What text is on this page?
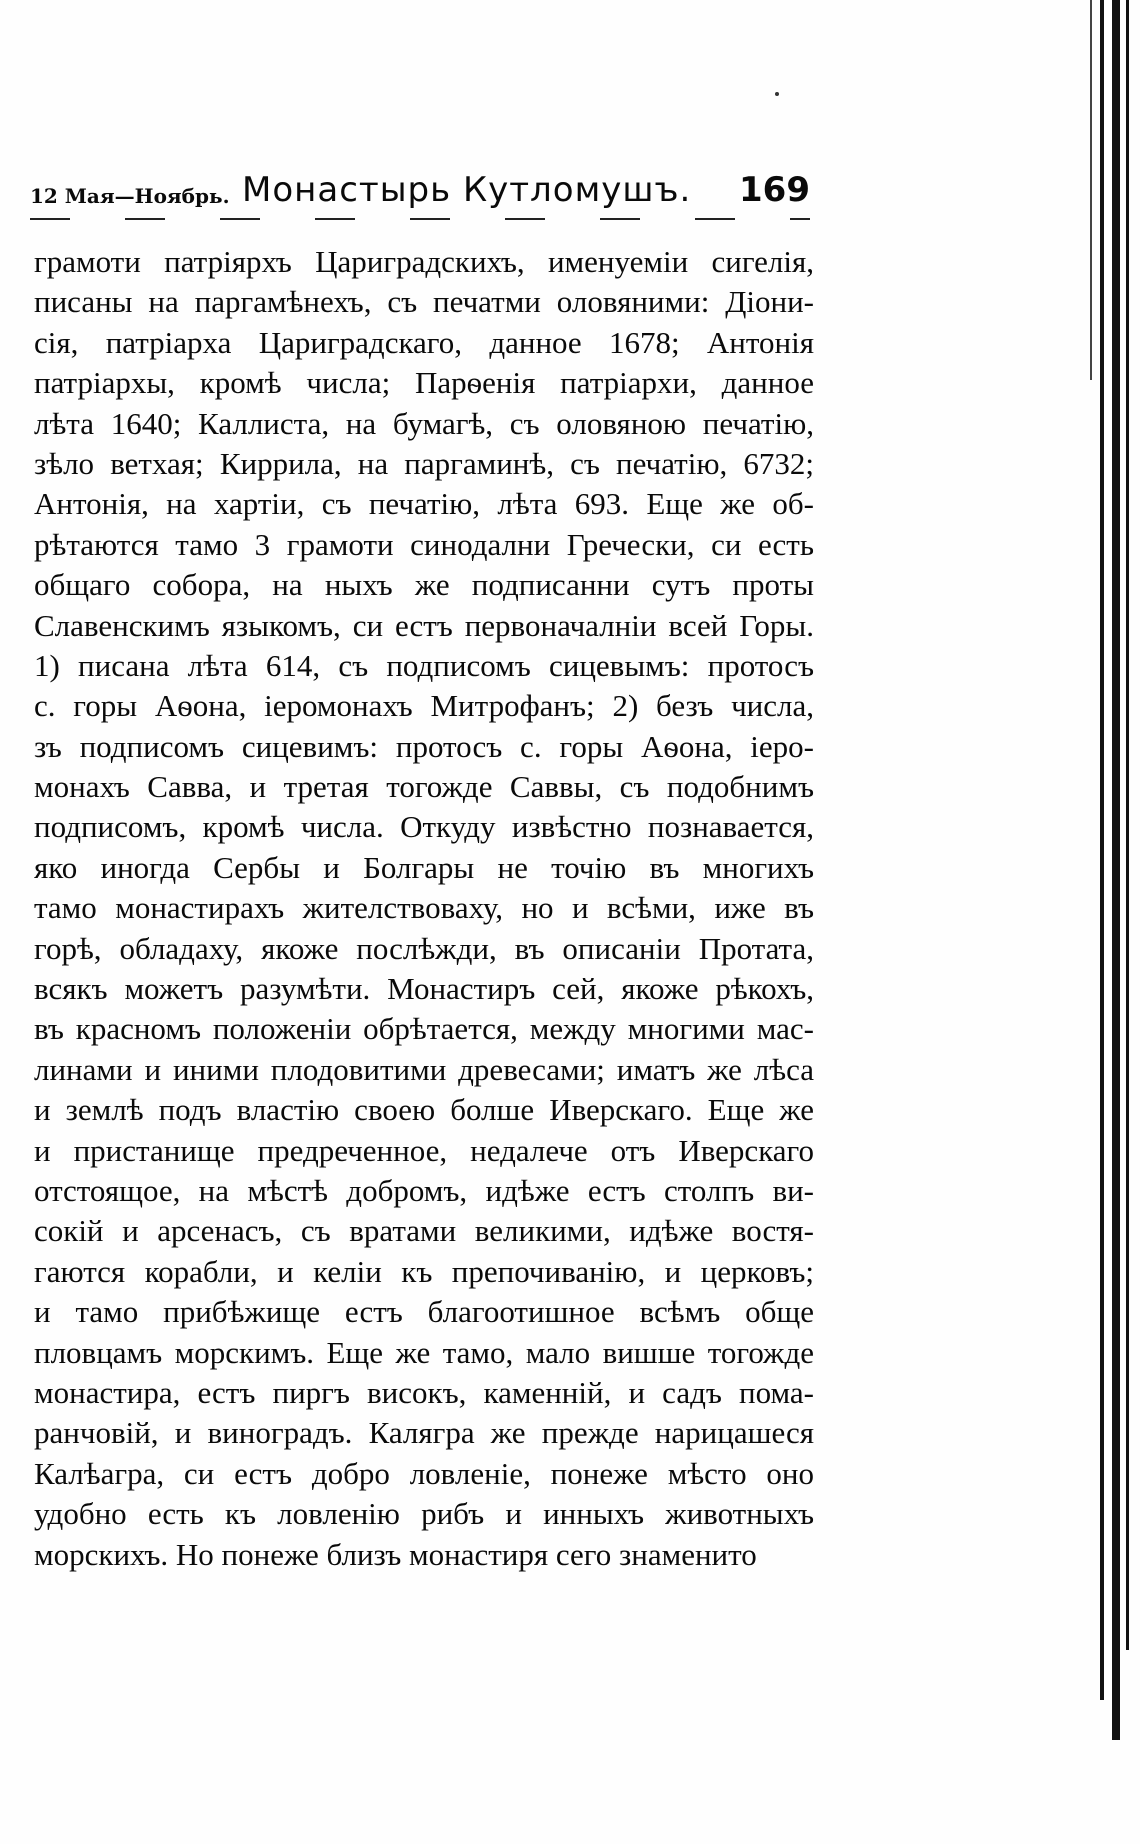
12 Мая—Ноябрь. Монастырь Кутломушъ. 169
грамоти патріярхъ Цариградскихъ, именуеміи сигелія,
писаны на паргамѣнехъ, съ печатми оловяними: Діони-
сія, патріарха Цариградскаго, данное 1678; Антонія
патріархы, кромѣ числа; Парѳенія патріархи, данное
лѣта 1640; Каллиста, на бумагѣ, съ оловяною печатію,
зѣло ветхая; Киррила, на паргаминѣ, съ печатію, 6732;
Антонія, на хартіи, съ печатію, лѣта 693. Еще же об-
рѣтаются тамо 3 грамоти синодални Гречески, си есть
общаго собора, на ныхъ же подписанни сутъ проты
Славенскимъ языкомъ, си естъ первоначалніи всей Горы.
1) писана лѣта 614, съ подписомъ сицевымъ: протосъ
с. горы Аѳона, іеромонахъ Митрофанъ; 2) безъ числа,
зъ подписомъ сицевимъ: протосъ с. горы Аѳона, іеро-
монахъ Савва, и третая тогожде Саввы, съ подобнимъ
подписомъ, кромѣ числа. Откуду извѣстно познавается,
яко иногда Сербы и Болгары не точію въ многихъ
тамо монастирахъ жителствоваху, но и всѣми, иже въ
горѣ, обладаху, якоже послѣжди, въ описаніи Протата,
всякъ можетъ разумѣти. Монастиръ сей, якоже рѣкохъ,
въ красномъ положеніи обрѣтается, между многими мас-
линами и иними плодовитими древесами; иматъ же лѣса
и землѣ подъ властію своею болше Иверскаго. Еще же
и пристанище предреченное, недалече отъ Иверскаго
отстоящое, на мѣстѣ добромъ, идѣже естъ столпъ ви-
сокій и арсенасъ, съ вратами великими, идѣже востя-
гаются корабли, и келіи къ препочиванію, и церковъ;
и тамо прибѣжище естъ благоотишное всѣмъ обще
пловцамъ морскимъ. Еще же тамо, мало вишше тогожде
монастира, естъ пиргъ високъ, каменній, и садъ пома-
ранчовій, и виноградъ. Калягра же прежде нарицашеся
Калѣагра, си естъ добро ловленіе, понеже мѣсто оно
удобно есть къ ловленію рибъ и инныхъ животныхъ
морскихъ. Но понеже близъ монастиря сего знаменито
